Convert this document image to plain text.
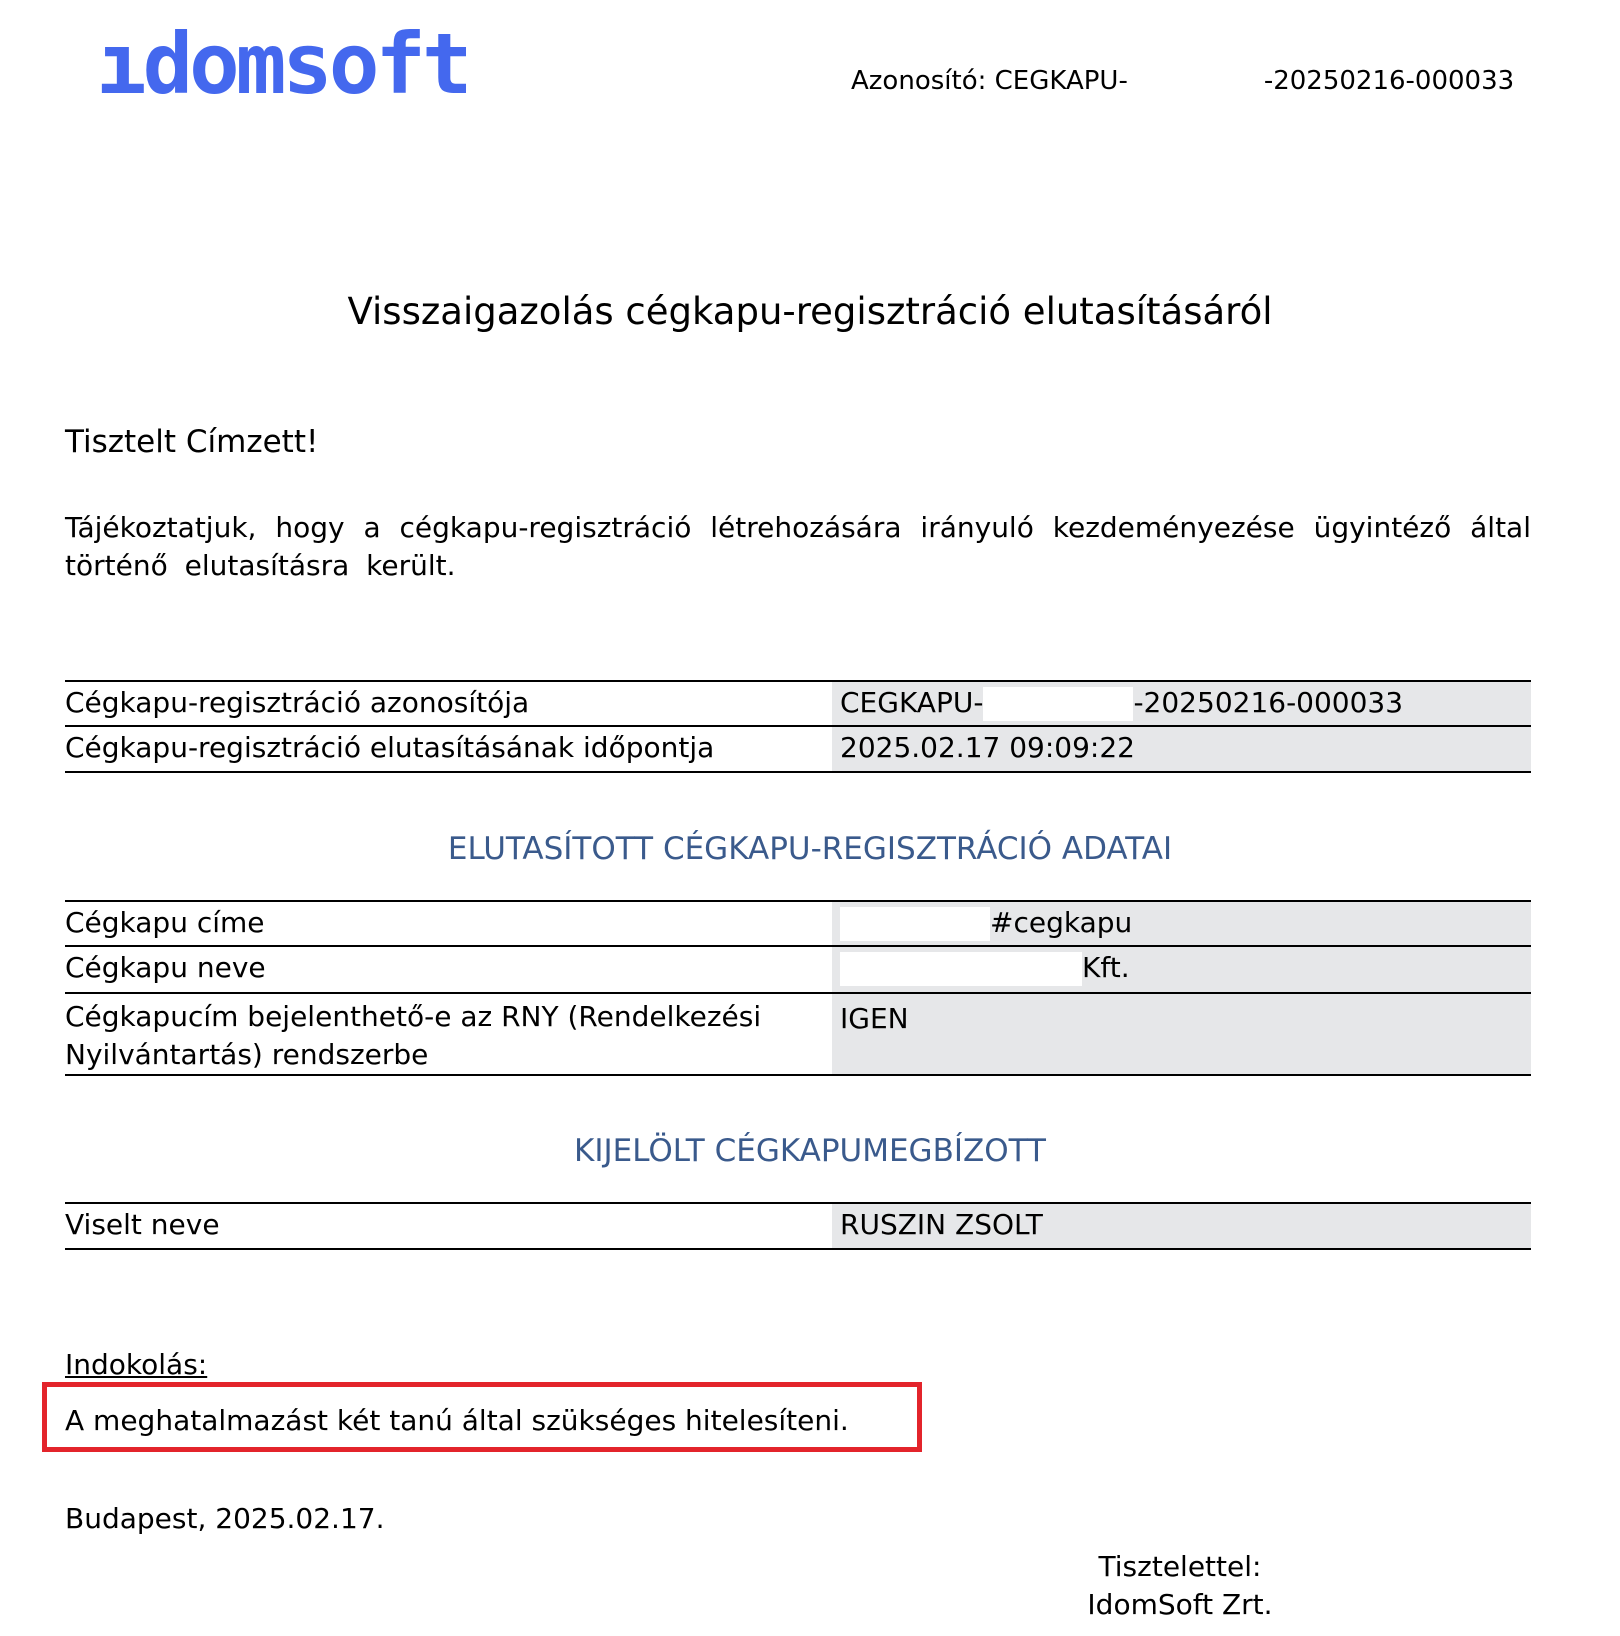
ıdomsoft	Azonosító: CEGKAPU-	-20250216-000033
Visszaigazolás cégkapu-regisztráció elutasításáról
Tisztelt Címzett!
Tájékoztatjuk, hogy a cégkapu-regisztráció létrehozására irányuló kezdeményezése ügyintéző által történő elutasításra került.
Cégkapu-regisztráció azonosítója	CEGKAPU- -20250216-000033
Cégkapu-regisztráció elutasításának időpontja	2025.02.17 09:09:22
ELUTASÍTOTT CÉGKAPU-REGISZTRÁCIÓ ADATAI
Cégkapu címe	#cegkapu
Cégkapu neve	Kft.
Cégkapucím bejelenthető-e az RNY (Rendelkezési Nyilvántartás) rendszerbe	IGEN
KIJELÖLT CÉGKAPUMEGBÍZOTT
Viselt neve	RUSZIN ZSOLT
Indokolás:
A meghatalmazást két tanú által szükséges hitelesíteni.
Budapest, 2025.02.17.
Tisztelettel:
IdomSoft Zrt.
